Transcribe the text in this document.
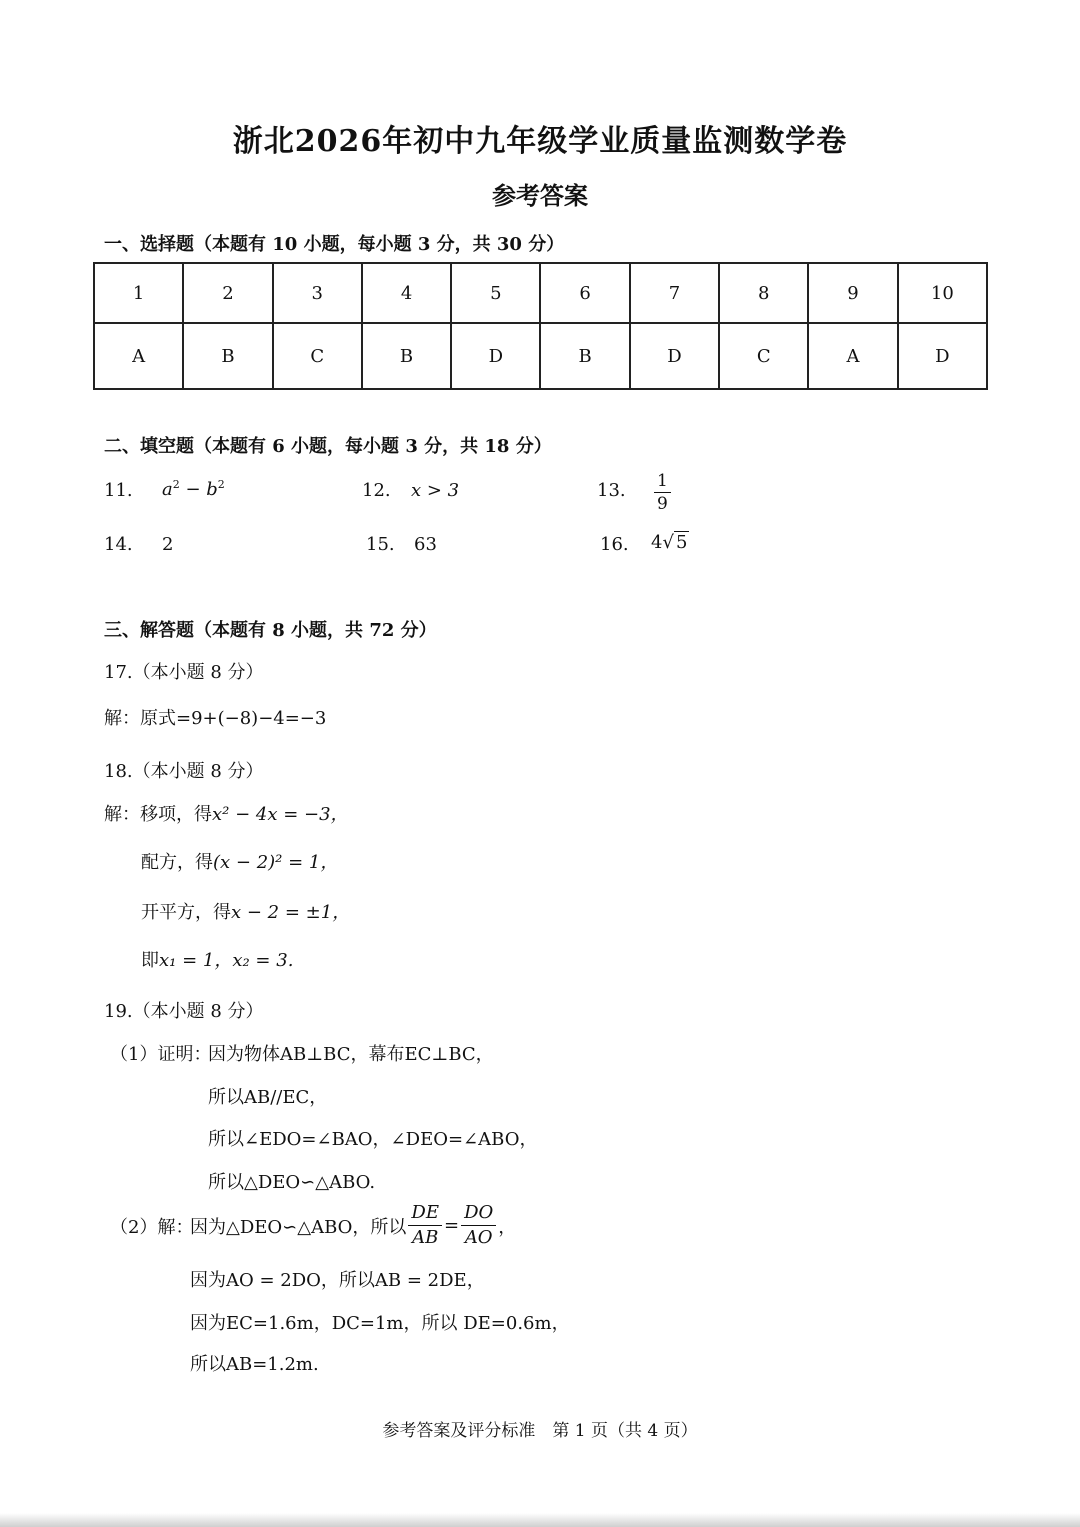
浙北2026年初中九年级学业质量监测数学卷
参考答案
一、选择题（本题有 10 小题，每小题 3 分，共 30 分）
1	2	3	4	5	6	7	8	9	10
A	B	C	B	D	B	D	C	A	D
二、填空题（本题有 6 小题，每小题 3 分，共 18 分）
11. $a^2 - b^2$	12. x > 3	13. $\frac{1}{9}$
14. 2	15. 63	16. 4√ 5
三、解答题（本题有 8 小题，共 72 分）
17.（本小题 8 分）
解：原式=9+(−8)−4=−3
18.（本小题 8 分）
解：移项，得x² − 4x = −3，
配方，得(x − 2)² = 1，
开平方，得x − 2 = ±1，
即x₁ = 1，x₂ = 3.
19.（本小题 8 分）
（1）证明：
因为物体AB⊥BC，幕布EC⊥BC，
所以AB//EC，
所以∠EDO=∠BAO，∠DEO=∠ABO，
所以△DEO∽△ABO.
（2）解：
因为△DEO∽△ABO，所以 $\frac{DE}{AB} = \frac{DO}{AO}$ ，
因为AO = 2DO，所以AB = 2DE，
因为EC=1.6m，DC=1m，所以 DE=0.6m，
所以AB=1.2m.
参考答案及评分标准　第 1 页（共 4 页）
